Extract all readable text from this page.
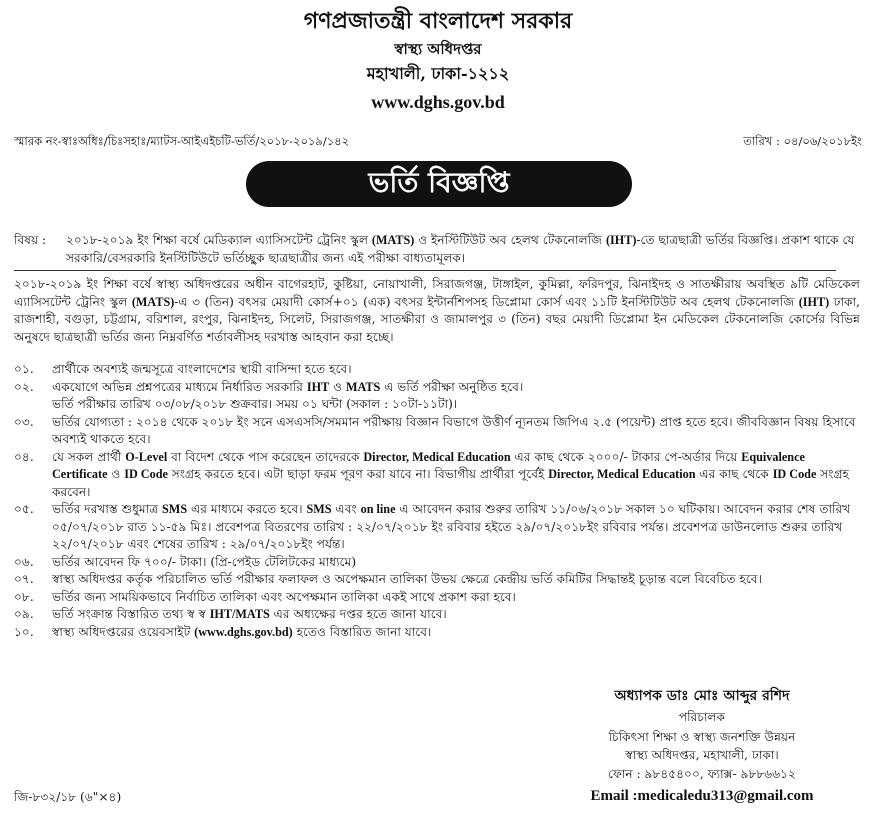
গণপ্রজাতন্ত্রী বাংলাদেশ সরকার
স্বাস্থ্য অধিদপ্তর
মহাখালী, ঢাকা-১২১২
www.dghs.gov.bd
স্মারক নং-স্বাঃঅধিঃ/চিঃসহাঃ/ম্যাটস-আইএইচটি-ভর্তি/২০১৮-২০১৯/১৪২	তারিখ : ০৪/০৬/২০১৮ইং
ভর্তি বিজ্ঞপ্তি
বিষয় : ২০১৮-২০১৯ ইং শিক্ষা বর্ষে মেডিক্যাল এ্যাসিসটেন্ট ট্রেনিং স্কুল (MATS) ও ইনস্টিটিউট অব হেলথ টেকনোলজি (IHT)-তে ছাত্রছাত্রী ভর্তির বিজ্ঞপ্তি। প্রকাশ থাকে যে সরকারি/বেসরকারি ইনস্টিটিউটে ভর্তিচ্ছুক ছাত্রছাত্রীর জন্য এই পরীক্ষা বাধ্যতামূলক।
২০১৮-২০১৯ ইং শিক্ষা বর্ষে স্বাস্থ্য অধিদপ্তরের অধীন বাগেরহাট, কুষ্টিয়া, নোয়াখালী, সিরাজগঞ্জ, টাঙ্গাইল, কুমিল্লা, ফরিদপুর, ঝিনাইদহ ও সাতক্ষীরায় অবস্থিত ৯টি মেডিকেল এ্যাসিসটেন্ট ট্রেনিং স্কুল (MATS)-এ ৩ (তিন) বৎসর মেয়াদী কোর্স+০১ (এক) বৎসর ইন্টার্নশিপসহ ডিপ্লোমা কোর্স এবং ১১টি ইনস্টিটিউট অব হেলথ টেকনোলজি (IHT) ঢাকা, রাজশাহী, বগুড়া, চট্টগ্রাম, বরিশাল, রংপুর, ঝিনাইদহ, সিলেট, সিরাজগঞ্জ, সাতক্ষীরা ও জামালপুর ৩ (তিন) বছর মেয়াদী ডিপ্লোমা ইন মেডিকেল টেকনোলজি কোর্সের বিভিন্ন অনুষদে ছাত্রছাত্রী ভর্তির জন্য নিম্নবর্ণিত শর্তাবলীসহ দরখাস্ত আহবান করা হচ্ছে।
০১.	প্রার্থীকে অবশ্যই জন্মসূত্রে বাংলাদেশের স্থায়ী বাসিন্দা হতে হবে।
০২.	একযোগে অভিন্ন প্রশ্নপত্রের মাধ্যমে নির্ধারিত সরকারি IHT ও MATS এ ভর্তি পরীক্ষা অনুষ্ঠিত হবে।
ভর্তি পরীক্ষার তারিখ ০৩/০৮/২০১৮ শুক্রবার। সময় ০১ ঘন্টা (সকাল : ১০টা-১১টা)।
০৩.	ভর্তির যোগ্যতা : ২০১৪ থেকে ২০১৮ ইং সনে এসএসসি/সমমান পরীক্ষায় বিজ্ঞান বিভাগে উত্তীর্ণ ন্যূনতম জিপিএ ২.৫ (পয়েন্ট) প্রাপ্ত হতে হবে। জীববিজ্ঞান বিষয় হিসাবে অবশ্যই থাকতে হবে।
০৪.	যে সকল প্রার্থী O-Level বা বিদেশ থেকে পাস করেছেন তাদেরকে Director, Medical Education এর কাছ থেকে ২০০০/- টাকার পে-অর্ডার দিয়ে Equivalence Certificate ও ID Code সংগ্রহ করতে হবে। এটা ছাড়া ফরম পূরণ করা যাবে না। বিভাগীয় প্রার্থীরা পূর্বেই Director, Medical Education এর কাছ থেকে ID Code সংগ্রহ করবেন।
০৫.	ভর্তির দরখাস্ত শুধুমাত্র SMS এর মাধ্যমে করতে হবে। SMS এবং on line এ আবেদন করার শুরুর তারিখ ১১/০৬/২০১৮ সকাল ১০ ঘটিকায়। আবেদন করার শেষ তারিখ ০৫/০৭/২০১৮ রাত ১১-৫৯ মিঃ। প্রবেশপত্র বিতরণের তারিখ : ২২/০৭/২০১৮ ইং রবিবার হইতে ২৯/০৭/২০১৮ইং রবিবার পর্যন্ত। প্রবেশপত্র ডাউনলোড শুরুর তারিখ ২২/০৭/২০১৮ এবং শেষের তারিখ : ২৯/০৭/২০১৮ইং পর্যন্ত।
০৬.	ভর্তির আবেদন ফি ৭০০/- টাকা। (প্রি-পেইড টেলিটকের মাধ্যমে)
০৭.	স্বাস্থ্য অধিদপ্তর কর্তৃক পরিচালিত ভর্তি পরীক্ষার ফলাফল ও অপেক্ষমান তালিকা উভয় ক্ষেত্রে কেন্দ্রীয় ভর্তি কমিটির সিদ্ধান্তই চূড়ান্ত বলে বিবেচিত হবে।
০৮.	ভর্তির জন্য সাময়িকভাবে নির্বাচিত তালিকা এবং অপেক্ষমান তালিকা একই সাথে প্রকাশ করা হবে।
০৯.	ভর্তি সংক্রান্ত বিস্তারিত তথ্য স্ব স্ব IHT/MATS এর অধ্যক্ষের দপ্তর হতে জানা যাবে।
১০.	স্বাস্থ্য অধিদপ্তরের ওয়েবসাইট (www.dghs.gov.bd) হতেও বিস্তারিত জানা যাবে।
অধ্যাপক ডাঃ মোঃ আব্দুর রশিদ
পরিচালক
চিকিৎসা শিক্ষা ও স্বাস্থ্য জনশক্তি উন্নয়ন
স্বাস্থ্য অধিদপ্তর, মহাখালী, ঢাকা।
ফোন : ৯৮৪৫৪০০, ফ্যাক্স- ৯৮৮৬৬১২
Email :medicaledu313@gmail.com
জি-৮৩২/১৮ (৬"×৪)
